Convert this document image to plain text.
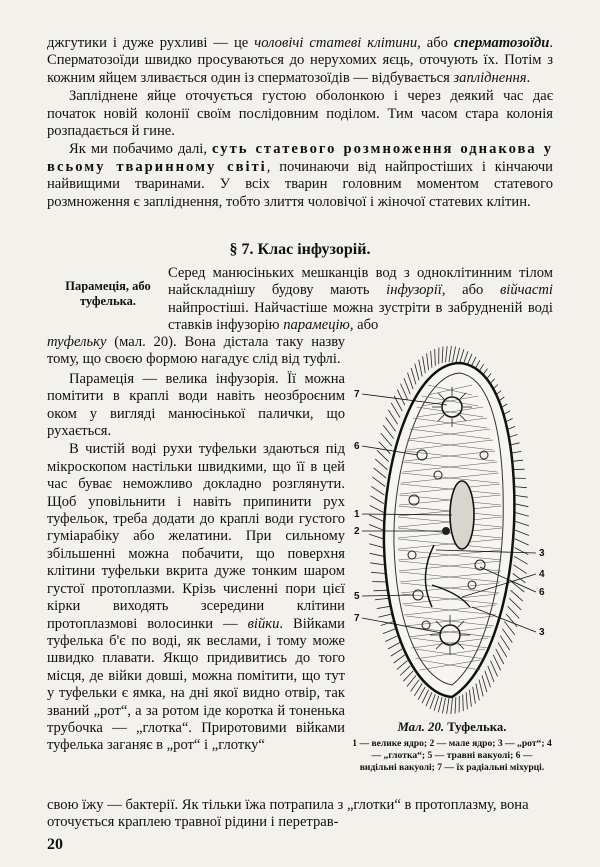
джгутики і дуже рухливі — це чоловічі статеві клітини, або сперматозоїди. Сперматозоїди швидко просуваються до нерухомих яєць, оточують їх. Потім з кожним яйцем зливається один із сперматозоїдів — відбувається запліднення.

Запліднене яйце оточується густою оболонкою і через деякий час дає початок новій колонії своїм послідовним поділом. Тим часом стара колонія розпадається й гине.

Як ми побачимо далі, суть статевого розмноження однакова у всьому тваринному світі, починаючи від найпростіших і кінчаючи найвищими тваринами. У всіх тварин головним моментом статевого розмноження є запліднення, тобто злиття чоловічої і жіночої статевих клітин.

§ 7. Клас інфузорій.
Парамеція, або туфелька.
Серед манюсіньких мешканців вод з одноклітинним тілом найскладнішу будову мають інфузорії, або війчасті найпростіші. Найчастіше можна зустріти в забрудненій воді ставків інфузорію парамецію, або

туфельку (мал. 20). Вона дістала таку назву тому, що своєю формою нагадує слід від туфлі.

Парамеція — велика інфузорія. Її можна помітити в краплі води навіть неозброєним оком у вигляді манюсінької палички, що рухається.

В чистій воді рухи туфельки здаються під мікроскопом настільки швидкими, що її в цей час буває неможливо докладно розглянути. Щоб уповільнити і навіть припинити рух туфельок, треба додати до краплі води густого гуміарабіку або желатини. При сильному збільшенні можна побачити, що поверхня клітини туфельки вкрита дуже тонким шаром густої протоплазми. Крізь численні пори цієї кірки виходять зсередини клітини протоплазмові волосинки — війки. Війками туфелька б'є по воді, як веслами, і тому може швидко плавати. Якщо придивитись до того місця, де війки довші, можна помітити, що тут у туфельки є ямка, на дні якої видно отвір, так званий „рот“, а за ротом іде коротка й тоненька трубочка — „глотка“. Приротовими війками туфелька заганяє в „рот“ і „глотку“

свою їжу — бактерії. Як тільки їжа потрапила з „глотки“ в протоплазму, вона оточується краплею травної рідини і перетрав-
7
6
1
2
3
4
5	6
7
3
Мал. 20. Туфелька.
1 — велике ядро; 2 — мале ядро; 3 — „рот“; 4 — „глотка“; 5 — травні вакуолі; 6 — видільні вакуолі; 7 — їх радіальні міхурці.
20
